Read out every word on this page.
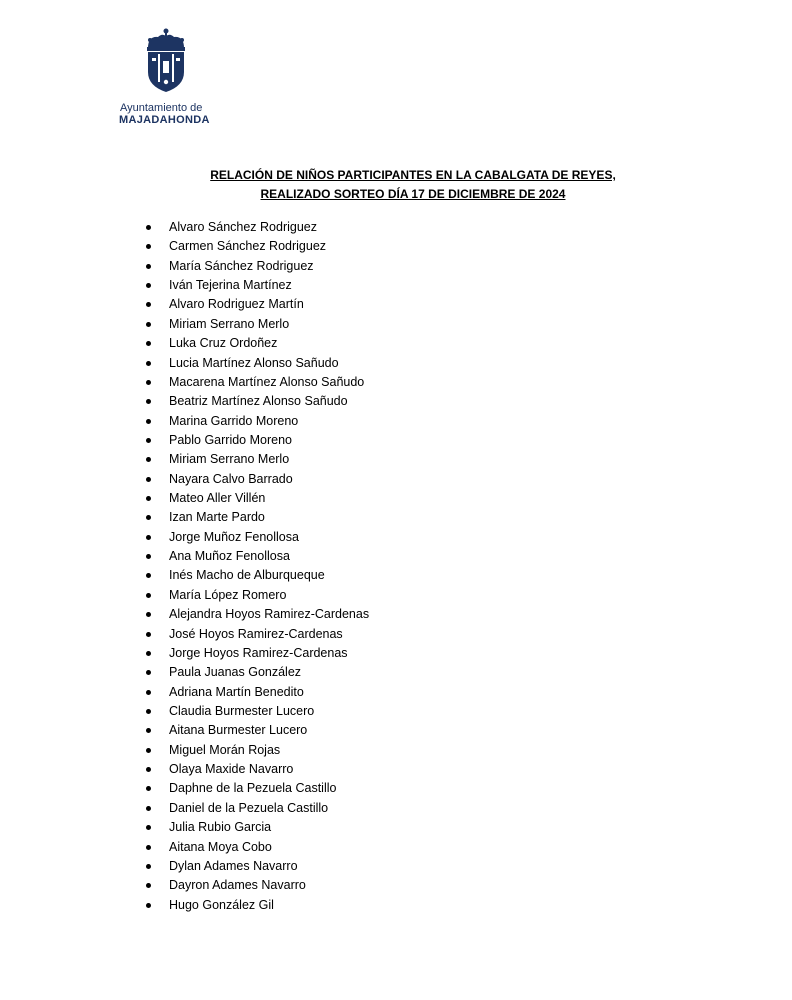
Ayuntamiento de
MAJADAHONDA
RELACIÓN DE NIÑOS PARTICIPANTES EN LA CABALGATA DE REYES,
REALIZADO SORTEO DÍA 17 DE DICIEMBRE DE 2024
Alvaro Sánchez Rodriguez
Carmen Sánchez Rodriguez
María Sánchez Rodriguez
Iván Tejerina Martínez
Alvaro Rodriguez Martín
Miriam Serrano Merlo
Luka Cruz Ordoñez
Lucia Martínez Alonso Sañudo
Macarena Martínez Alonso Sañudo
Beatriz Martínez Alonso Sañudo
Marina Garrido Moreno
Pablo Garrido Moreno
Miriam Serrano Merlo
Nayara Calvo Barrado
Mateo Aller Villén
Izan Marte Pardo
Jorge Muñoz Fenollosa
Ana Muñoz Fenollosa
Inés Macho de Alburqueque
María López Romero
Alejandra Hoyos Ramirez-Cardenas
José Hoyos Ramirez-Cardenas
Jorge Hoyos Ramirez-Cardenas
Paula Juanas González
Adriana Martín Benedito
Claudia Burmester Lucero
Aitana Burmester Lucero
Miguel Morán Rojas
Olaya Maxide Navarro
Daphne de la Pezuela Castillo
Daniel de la Pezuela Castillo
Julia Rubio Garcia
Aitana Moya Cobo
Dylan Adames Navarro
Dayron Adames Navarro
Hugo González Gil
